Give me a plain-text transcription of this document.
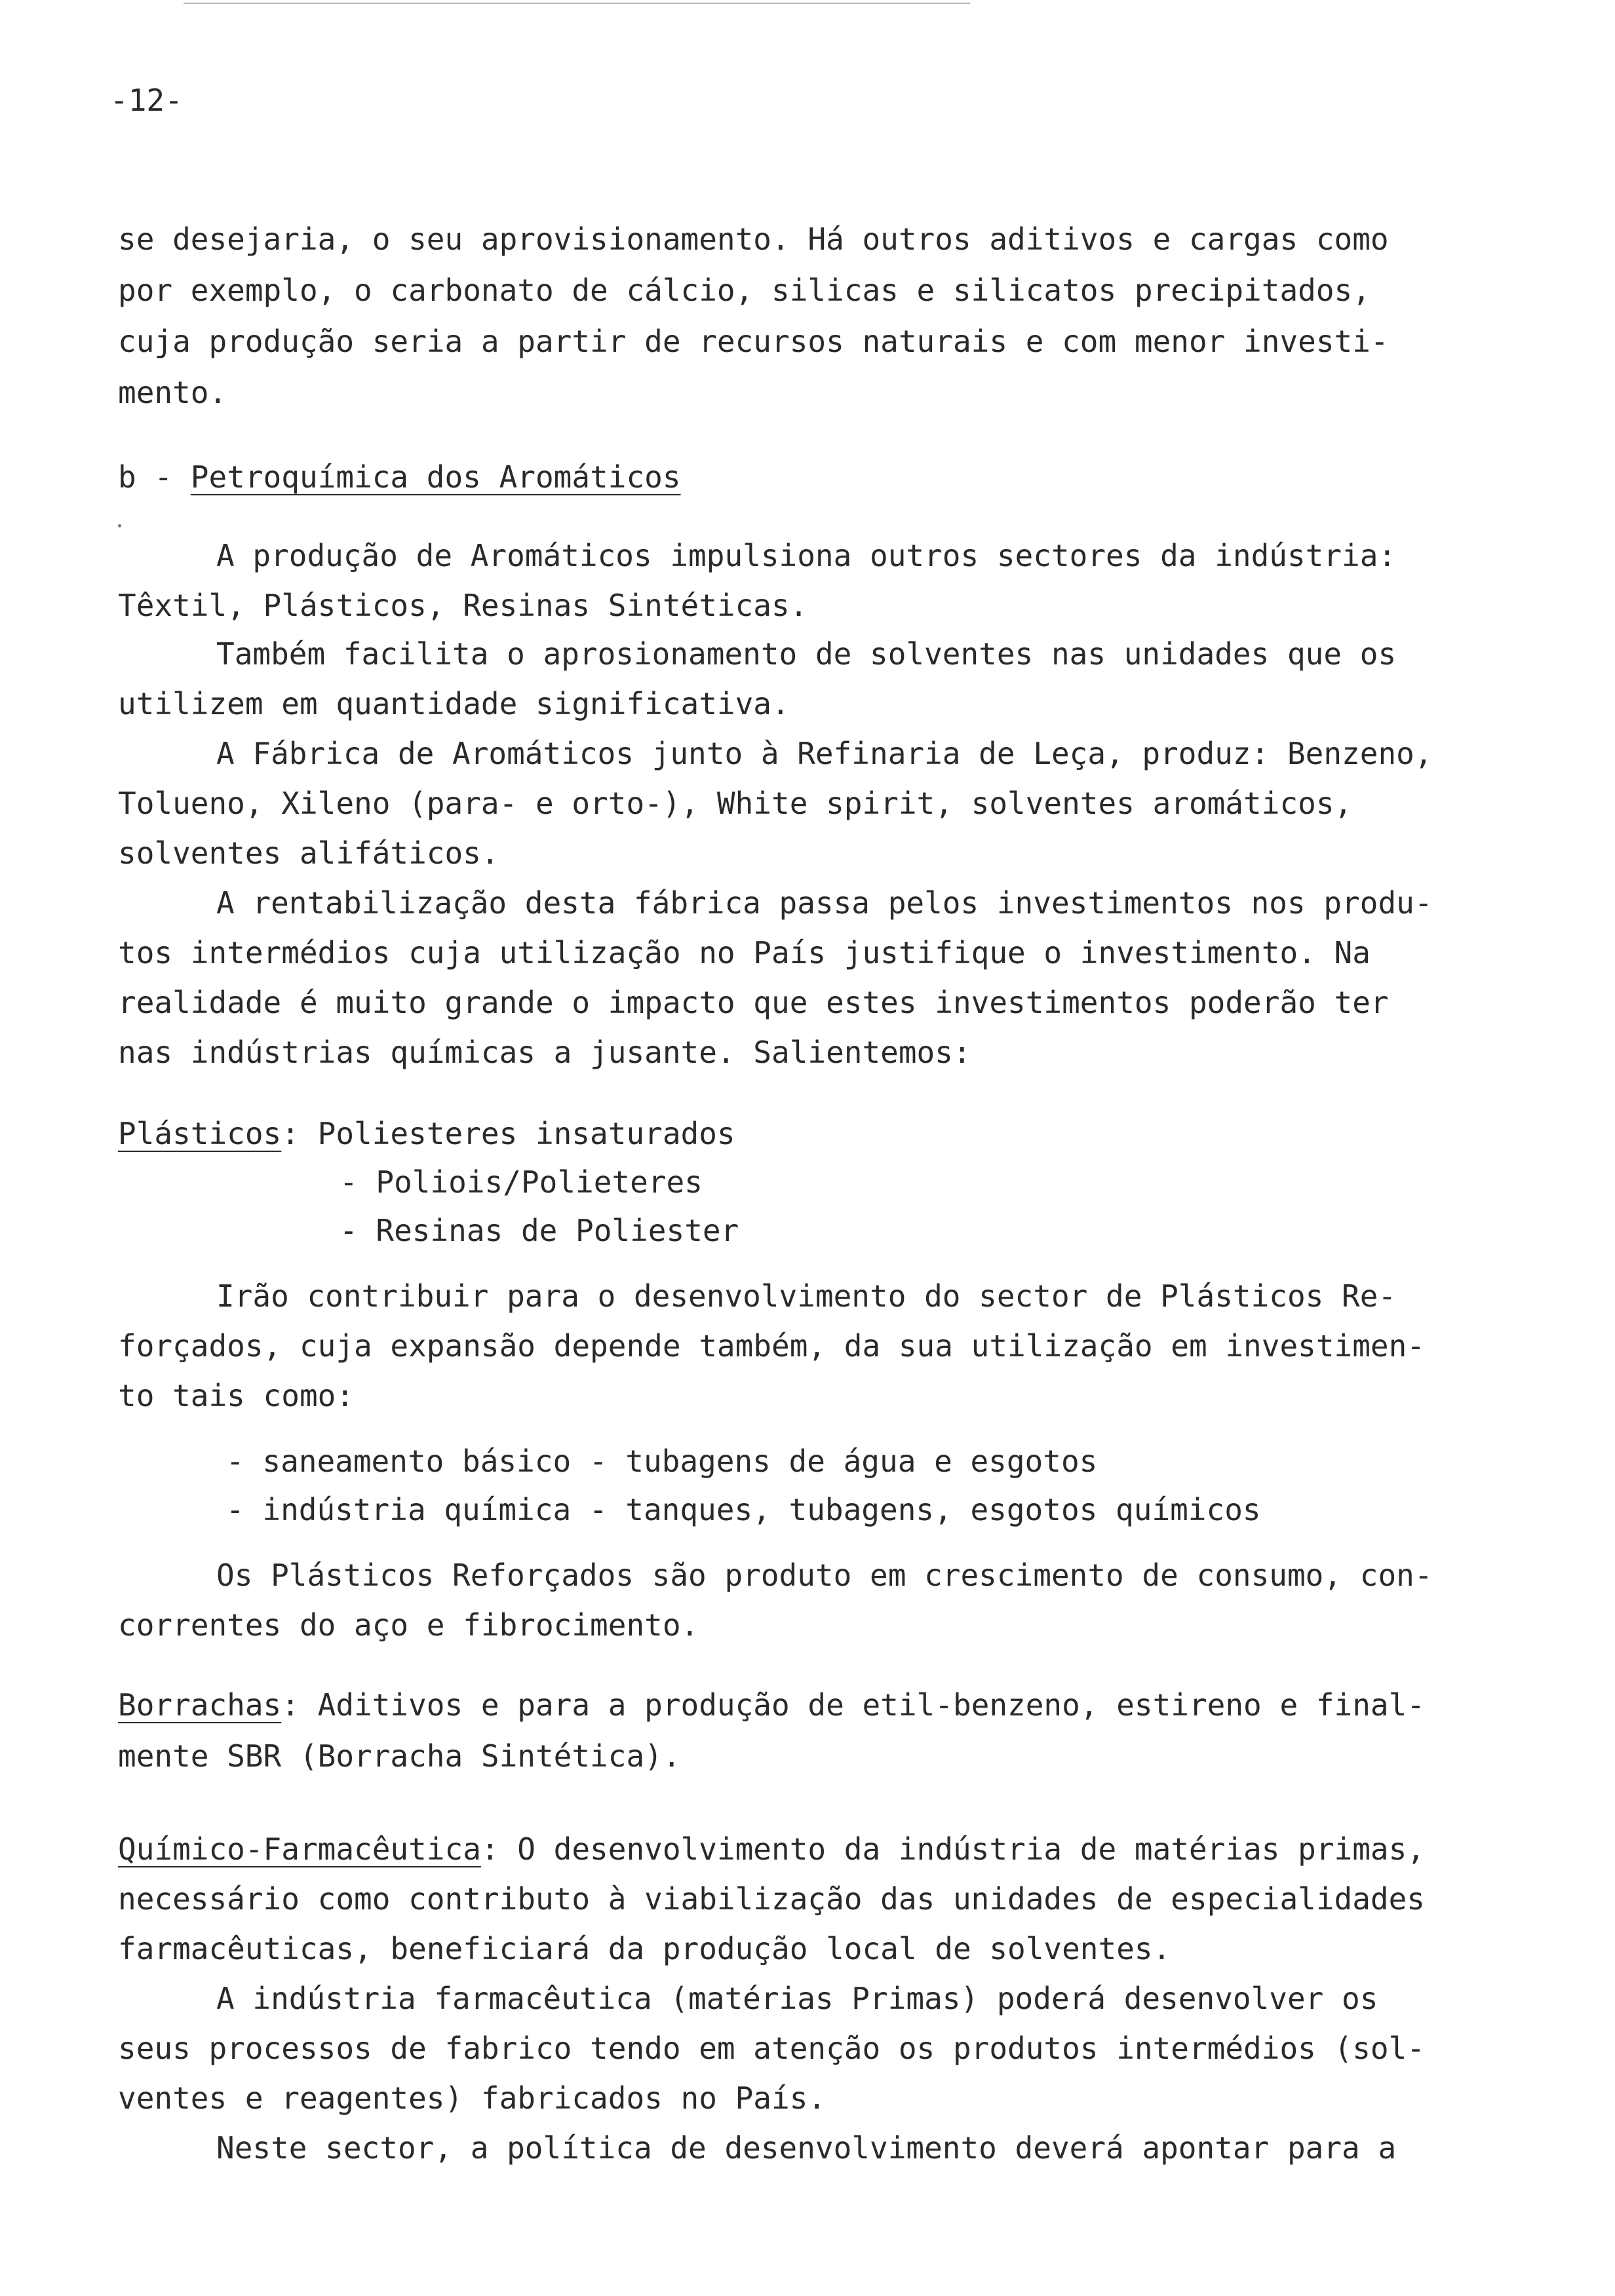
-12-
se desejaria, o seu aprovisionamento. Há outros aditivos e cargas como
por exemplo, o carbonato de cálcio, silicas e silicatos precipitados,
cuja produção seria a partir de recursos naturais e com menor investi-
mento.
b - Petroquímica dos Aromáticos
A produção de Aromáticos impulsiona outros sectores da indústria:
Têxtil, Plásticos, Resinas Sintéticas.
Também facilita o aprosionamento de solventes nas unidades que os
utilizem em quantidade significativa.
A Fábrica de Aromáticos junto à Refinaria de Leça, produz: Benzeno,
Tolueno, Xileno (para- e orto-), White spirit, solventes aromáticos,
solventes alifáticos.
A rentabilização desta fábrica passa pelos investimentos nos produ-
tos intermédios cuja utilização no País justifique o investimento. Na
realidade é muito grande o impacto que estes investimentos poderão ter
nas indústrias químicas a jusante. Salientemos:
Plásticos: Poliesteres insaturados
- Poliois/Polieteres
- Resinas de Poliester
Irão contribuir para o desenvolvimento do sector de Plásticos Re-
forçados, cuja expansão depende também, da sua utilização em investimen-
to tais como:
- saneamento básico - tubagens de água e esgotos
- indústria química - tanques, tubagens, esgotos químicos
Os Plásticos Reforçados são produto em crescimento de consumo, con-
correntes do aço e fibrocimento.
Borrachas: Aditivos e para a produção de etil-benzeno, estireno e final-
mente SBR (Borracha Sintética).
Químico-Farmacêutica: O desenvolvimento da indústria de matérias primas,
necessário como contributo à viabilização das unidades de especialidades
farmacêuticas, beneficiará da produção local de solventes.
A indústria farmacêutica (matérias Primas) poderá desenvolver os
seus processos de fabrico tendo em atenção os produtos intermédios (sol-
ventes e reagentes) fabricados no País.
Neste sector, a política de desenvolvimento deverá apontar para a
